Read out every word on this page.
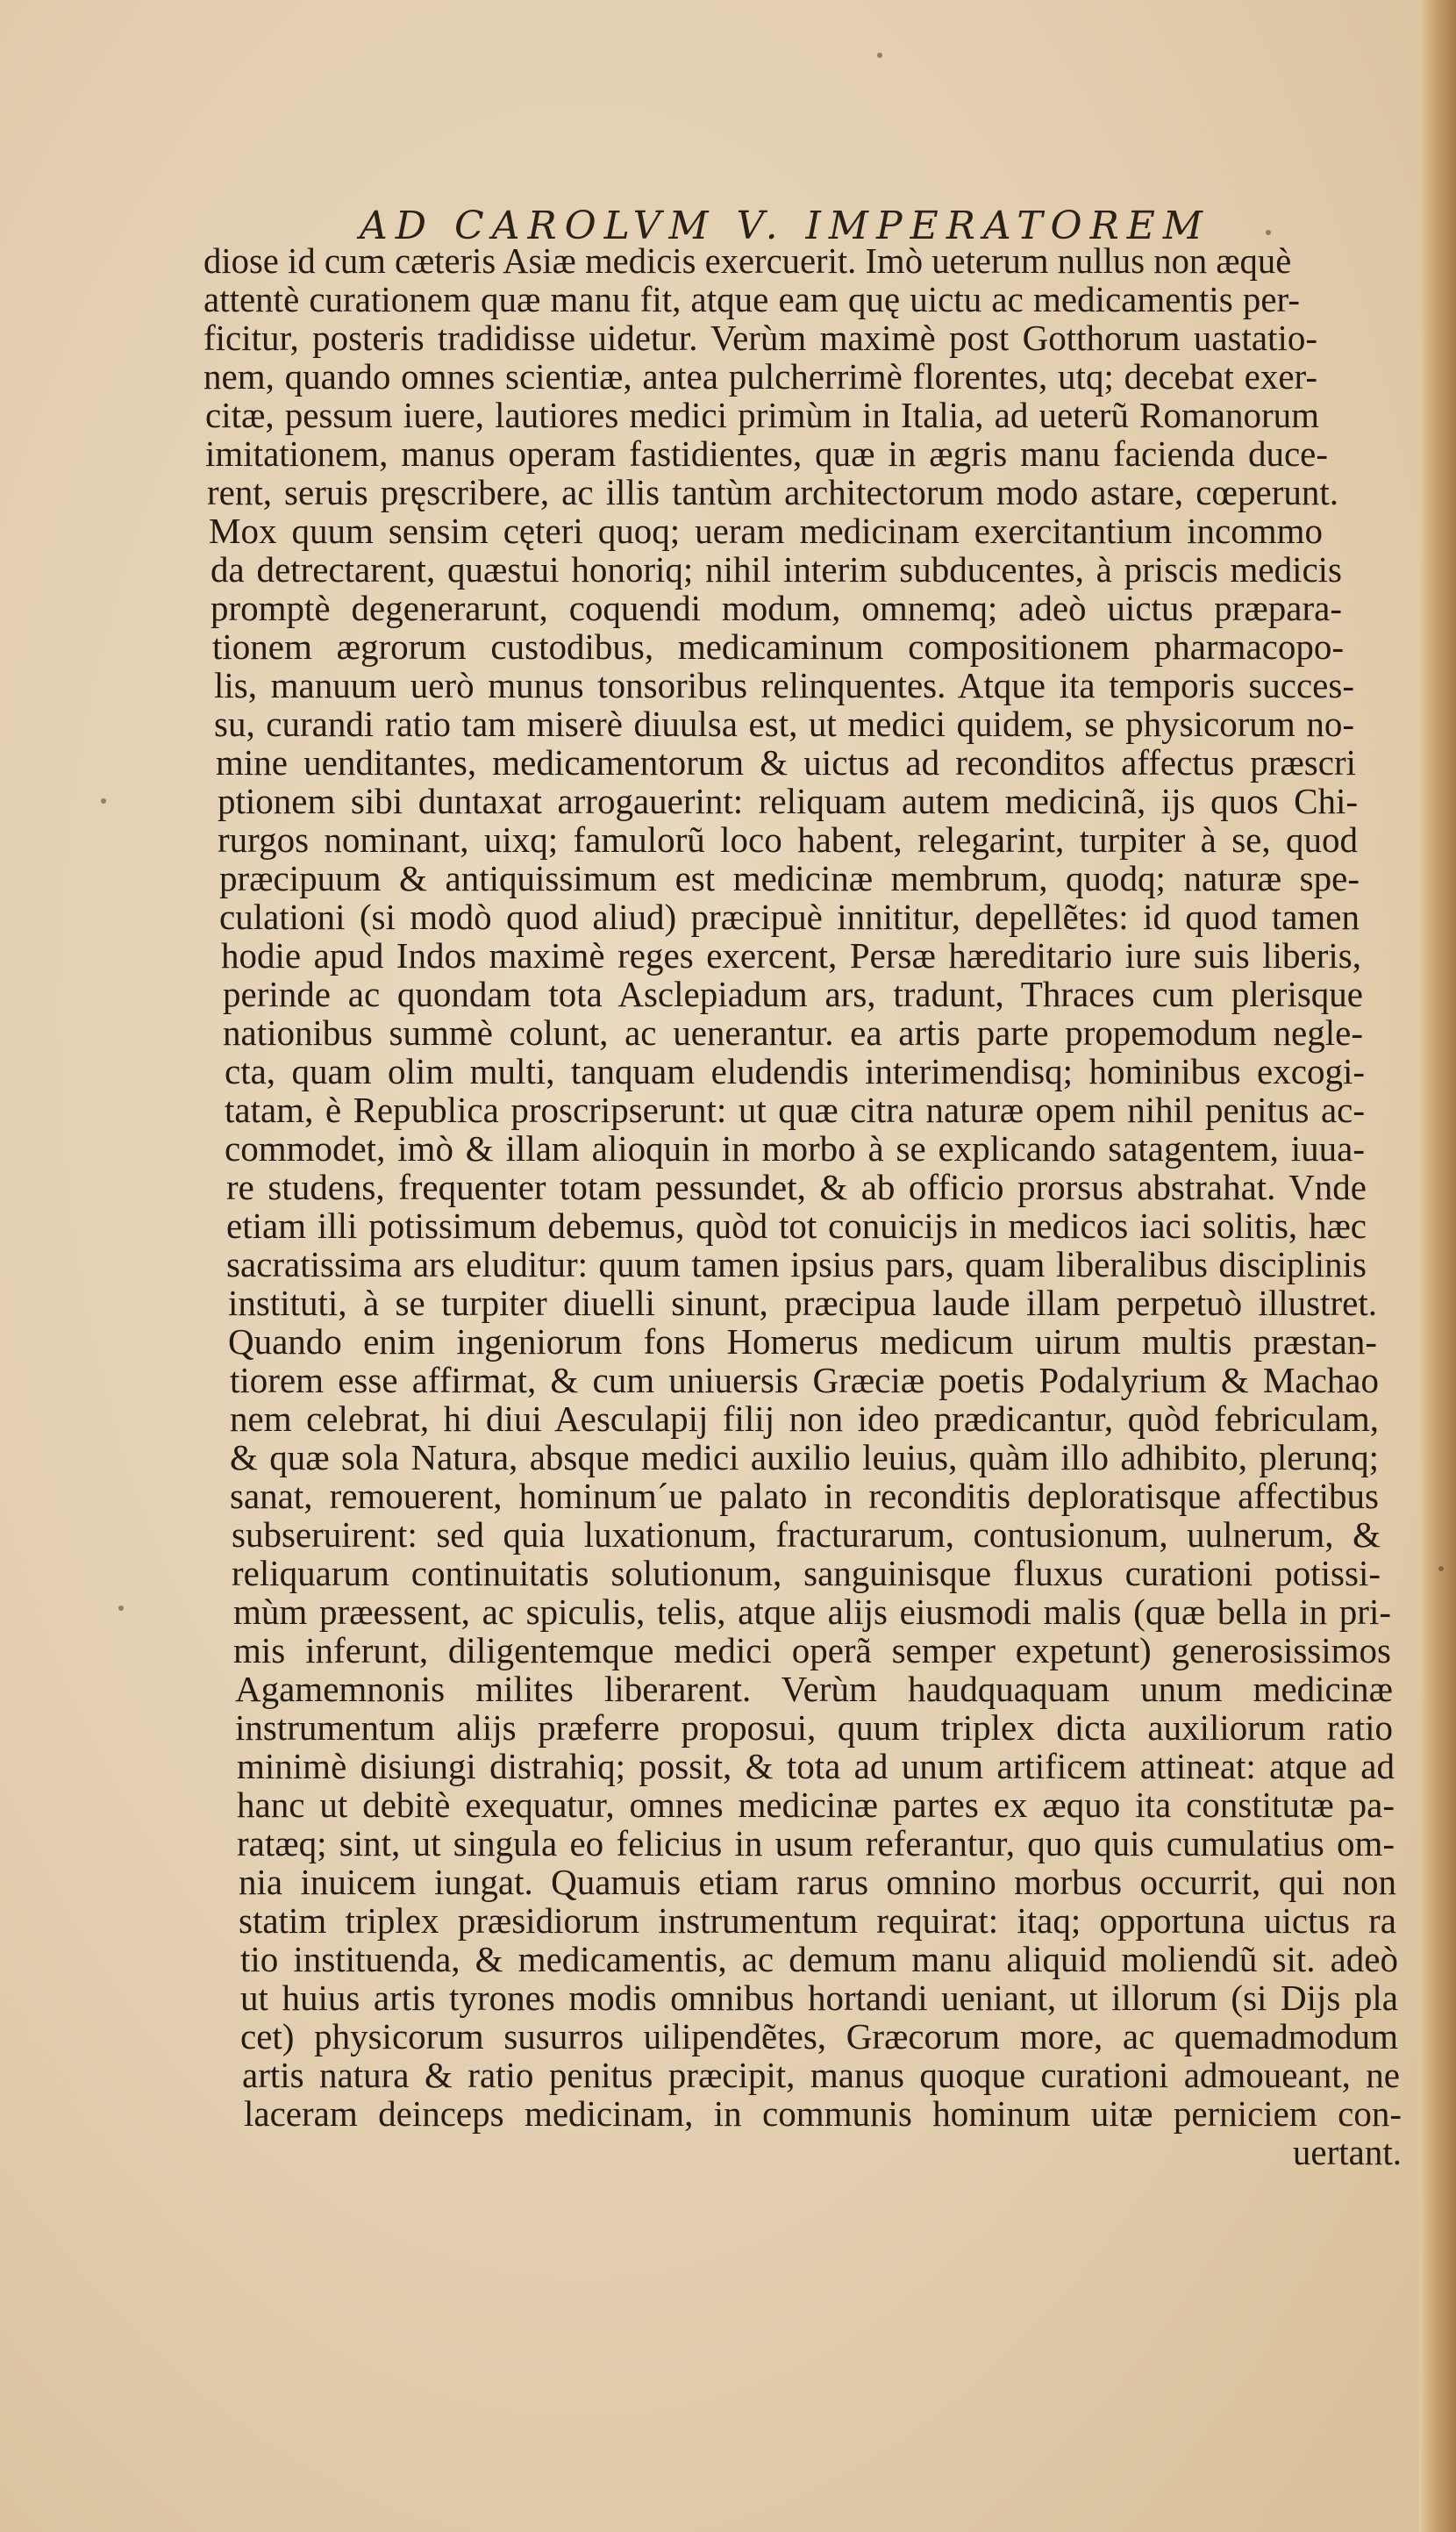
AD CAROLVM V. IMPERATOREM
diose id cum cæteris Asiæ medicis exercuerit. Imò ueterum nullus non æquè
attentè curationem quæ manu fit, atque eam quę uictu ac medicamentis per-
ficitur, posteris tradidisse uidetur. Verùm maximè post Gotthorum uastatio-
nem, quando omnes scientiæ, antea pulcherrimè florentes, utq; decebat exer-
citæ, pessum iuere, lautiores medici primùm in Italia, ad ueterũ Romanorum
imitationem, manus operam fastidientes, quæ in ægris manu facienda duce-
rent, seruis pręscribere, ac illis tantùm architectorum modo astare, cœperunt.
Mox quum sensim cęteri quoq; ueram medicinam exercitantium incommo
da detrectarent, quæstui honoriq; nihil interim subducentes, à priscis medicis
promptè degenerarunt, coquendi modum, omnemq; adeò uictus præpara-
tionem ægrorum custodibus, medicaminum compositionem pharmacopo-
lis, manuum uerò munus tonsoribus relinquentes. Atque ita temporis succes-
su, curandi ratio tam miserè diuulsa est, ut medici quidem, se physicorum no-
mine uenditantes, medicamentorum & uictus ad reconditos affectus præscri
ptionem sibi duntaxat arrogauerint: reliquam autem medicinã, ijs quos Chi-
rurgos nominant, uixq; famulorũ loco habent, relegarint, turpiter à se, quod
præcipuum & antiquissimum est medicinæ membrum, quodq; naturæ spe-
culationi (si modò quod aliud) præcipuè innititur, depellẽtes: id quod tamen
hodie apud Indos maximè reges exercent, Persæ hæreditario iure suis liberis,
perinde ac quondam tota Asclepiadum ars, tradunt, Thraces cum plerisque
nationibus summè colunt, ac uenerantur. ea artis parte propemodum negle-
cta, quam olim multi, tanquam eludendis interimendisq; hominibus excogi-
tatam, è Republica proscripserunt: ut quæ citra naturæ opem nihil penitus ac-
commodet, imò & illam alioquin in morbo à se explicando satagentem, iuua-
re studens, frequenter totam pessundet, & ab officio prorsus abstrahat. Vnde
etiam illi potissimum debemus, quòd tot conuicijs in medicos iaci solitis, hæc
sacratissima ars eluditur: quum tamen ipsius pars, quam liberalibus disciplinis
instituti, à se turpiter diuelli sinunt, præcipua laude illam perpetuò illustret.
Quando enim ingeniorum fons Homerus medicum uirum multis præstan-
tiorem esse affirmat, & cum uniuersis Græciæ poetis Podalyrium & Machao
nem celebrat, hi diui Aesculapij filij non ideo prædicantur, quòd febriculam,
& quæ sola Natura, absque medici auxilio leuius, quàm illo adhibito, plerunq;
sanat, remouerent, hominum´ue palato in reconditis deploratisque affectibus
subseruirent: sed quia luxationum, fracturarum, contusionum, uulnerum, &
reliquarum continuitatis solutionum, sanguinisque fluxus curationi potissi-
mùm præessent, ac spiculis, telis, atque alijs eiusmodi malis (quæ bella in pri-
mis inferunt, diligentemque medici operã semper expetunt) generosissimos
Agamemnonis milites liberarent. Verùm haudquaquam unum medicinæ
instrumentum alijs præferre proposui, quum triplex dicta auxiliorum ratio
minimè disiungi distrahiq; possit, & tota ad unum artificem attineat: atque ad
hanc ut debitè exequatur, omnes medicinæ partes ex æquo ita constitutæ pa-
ratæq; sint, ut singula eo felicius in usum referantur, quo quis cumulatius om-
nia inuicem iungat. Quamuis etiam rarus omnino morbus occurrit, qui non
statim triplex præsidiorum instrumentum requirat: itaq; opportuna uictus ra
tio instituenda, & medicamentis, ac demum manu aliquid moliendũ sit. adeò
ut huius artis tyrones modis omnibus hortandi ueniant, ut illorum (si Dijs pla
cet) physicorum susurros uilipendẽtes, Græcorum more, ac quemadmodum
artis natura & ratio penitus præcipit, manus quoque curationi admoueant, ne
laceram deinceps medicinam, in communis hominum uitæ perniciem con-
uertant.
